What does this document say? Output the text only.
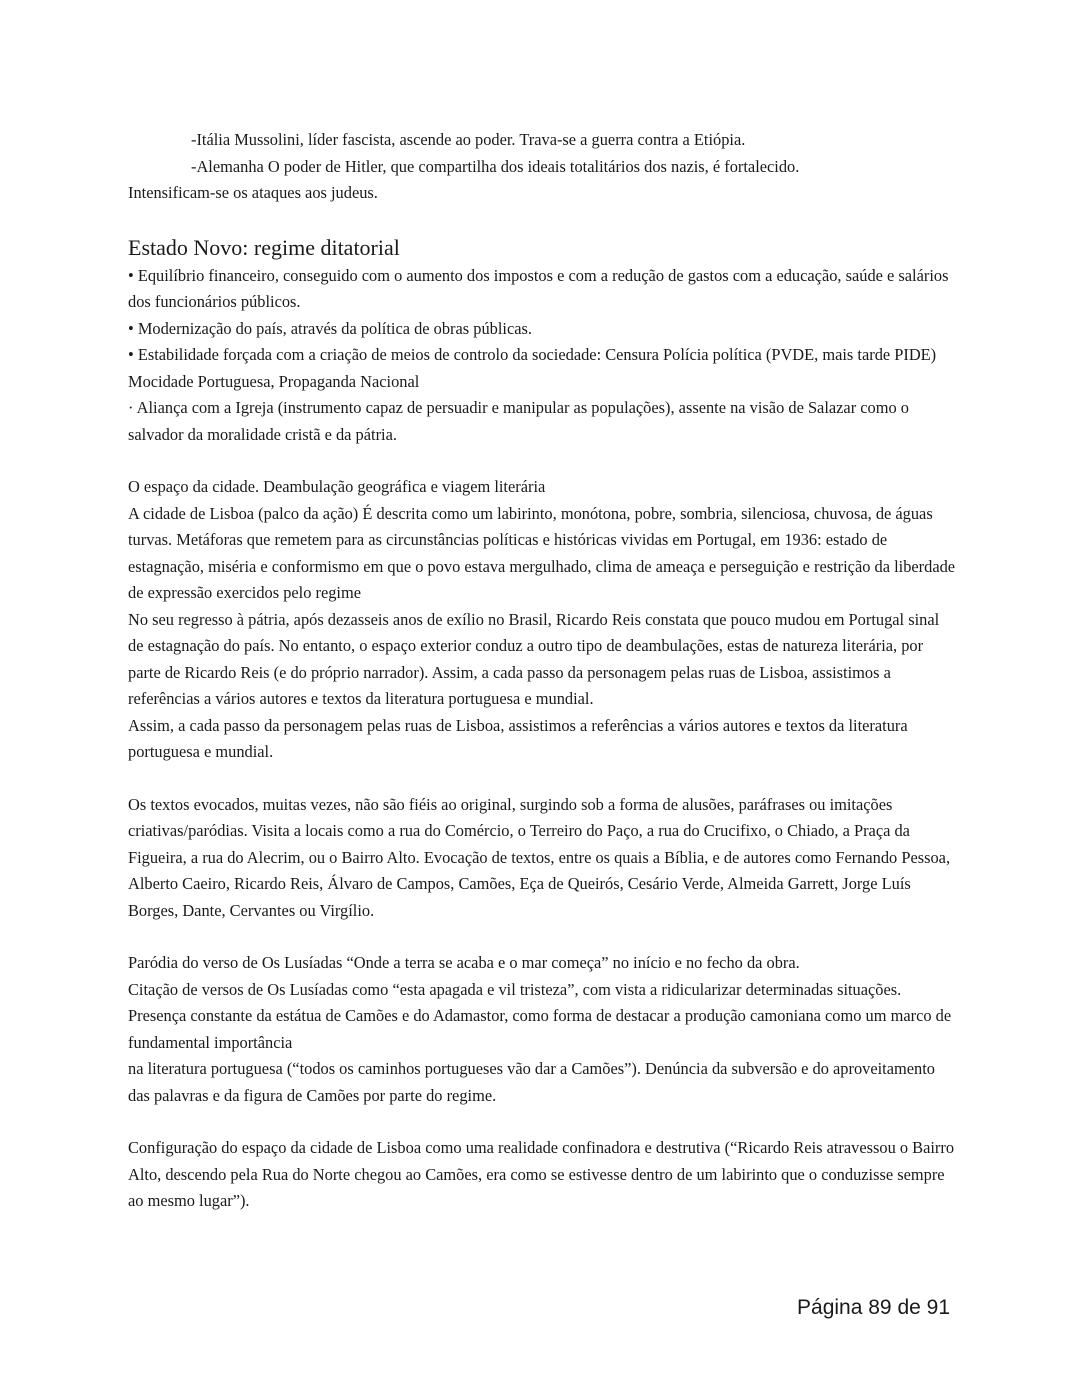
-Itália Mussolini, líder fascista, ascende ao poder. Trava-se a guerra contra a Etiópia.

-Alemanha O poder de Hitler, que compartilha dos ideais totalitários dos nazis, é fortalecido.

Intensificam-se os ataques aos judeus.

Estado Novo: regime ditatorial

• Equilíbrio financeiro, conseguido com o aumento dos impostos e com a redução de gastos com a educação, saúde e salários dos funcionários públicos.

• Modernização do país, através da política de obras públicas.

• Estabilidade forçada com a criação de meios de controlo da sociedade: Censura Polícia política (PVDE, mais tarde PIDE) Mocidade Portuguesa, Propaganda Nacional

· Aliança com a Igreja (instrumento capaz de persuadir e manipular as populações), assente na visão de Salazar como o salvador da moralidade cristã e da pátria.

O espaço da cidade. Deambulação geográfica e viagem literária

A cidade de Lisboa (palco da ação) É descrita como um labirinto, monótona, pobre, sombria, silenciosa, chuvosa, de águas turvas. Metáforas que remetem para as circunstâncias políticas e históricas vividas em Portugal, em 1936: estado de estagnação, miséria e conformismo em que o povo estava mergulhado, clima de ameaça e perseguição e restrição da liberdade de expressão exercidos pelo regime

No seu regresso à pátria, após dezasseis anos de exílio no Brasil, Ricardo Reis constata que pouco mudou em Portugal sinal de estagnação do país. No entanto, o espaço exterior conduz a outro tipo de deambulações, estas de natureza literária, por parte de Ricardo Reis (e do próprio narrador). Assim, a cada passo da personagem pelas ruas de Lisboa, assistimos a referências a vários autores e textos da literatura portuguesa e mundial.

Assim, a cada passo da personagem pelas ruas de Lisboa, assistimos a referências a vários autores e textos da literatura portuguesa e mundial.

Os textos evocados, muitas vezes, não são fiéis ao original, surgindo sob a forma de alusões, paráfrases ou imitações criativas/paródias. Visita a locais como a rua do Comércio, o Terreiro do Paço, a rua do Crucifixo, o Chiado, a Praça da Figueira, a rua do Alecrim, ou o Bairro Alto. Evocação de textos, entre os quais a Bíblia, e de autores como Fernando Pessoa, Alberto Caeiro, Ricardo Reis, Álvaro de Campos, Camões, Eça de Queirós, Cesário Verde, Almeida Garrett, Jorge Luís Borges, Dante, Cervantes ou Virgílio.

Paródia do verso de Os Lusíadas “Onde a terra se acaba e o mar começa” no início e no fecho da obra.

Citação de versos de Os Lusíadas como “esta apagada e vil tristeza”, com vista a ridicularizar determinadas situações.

Presença constante da estátua de Camões e do Adamastor, como forma de destacar a produção camoniana como um marco de fundamental importância

na literatura portuguesa (“todos os caminhos portugueses vão dar a Camões”). Denúncia da subversão e do aproveitamento das palavras e da figura de Camões por parte do regime.

Configuração do espaço da cidade de Lisboa como uma realidade confinadora e destrutiva (“Ricardo Reis atravessou o Bairro Alto, descendo pela Rua do Norte chegou ao Camões, era como se estivesse dentro de um labirinto que o conduzisse sempre ao mesmo lugar”).

Página 89 de 91
